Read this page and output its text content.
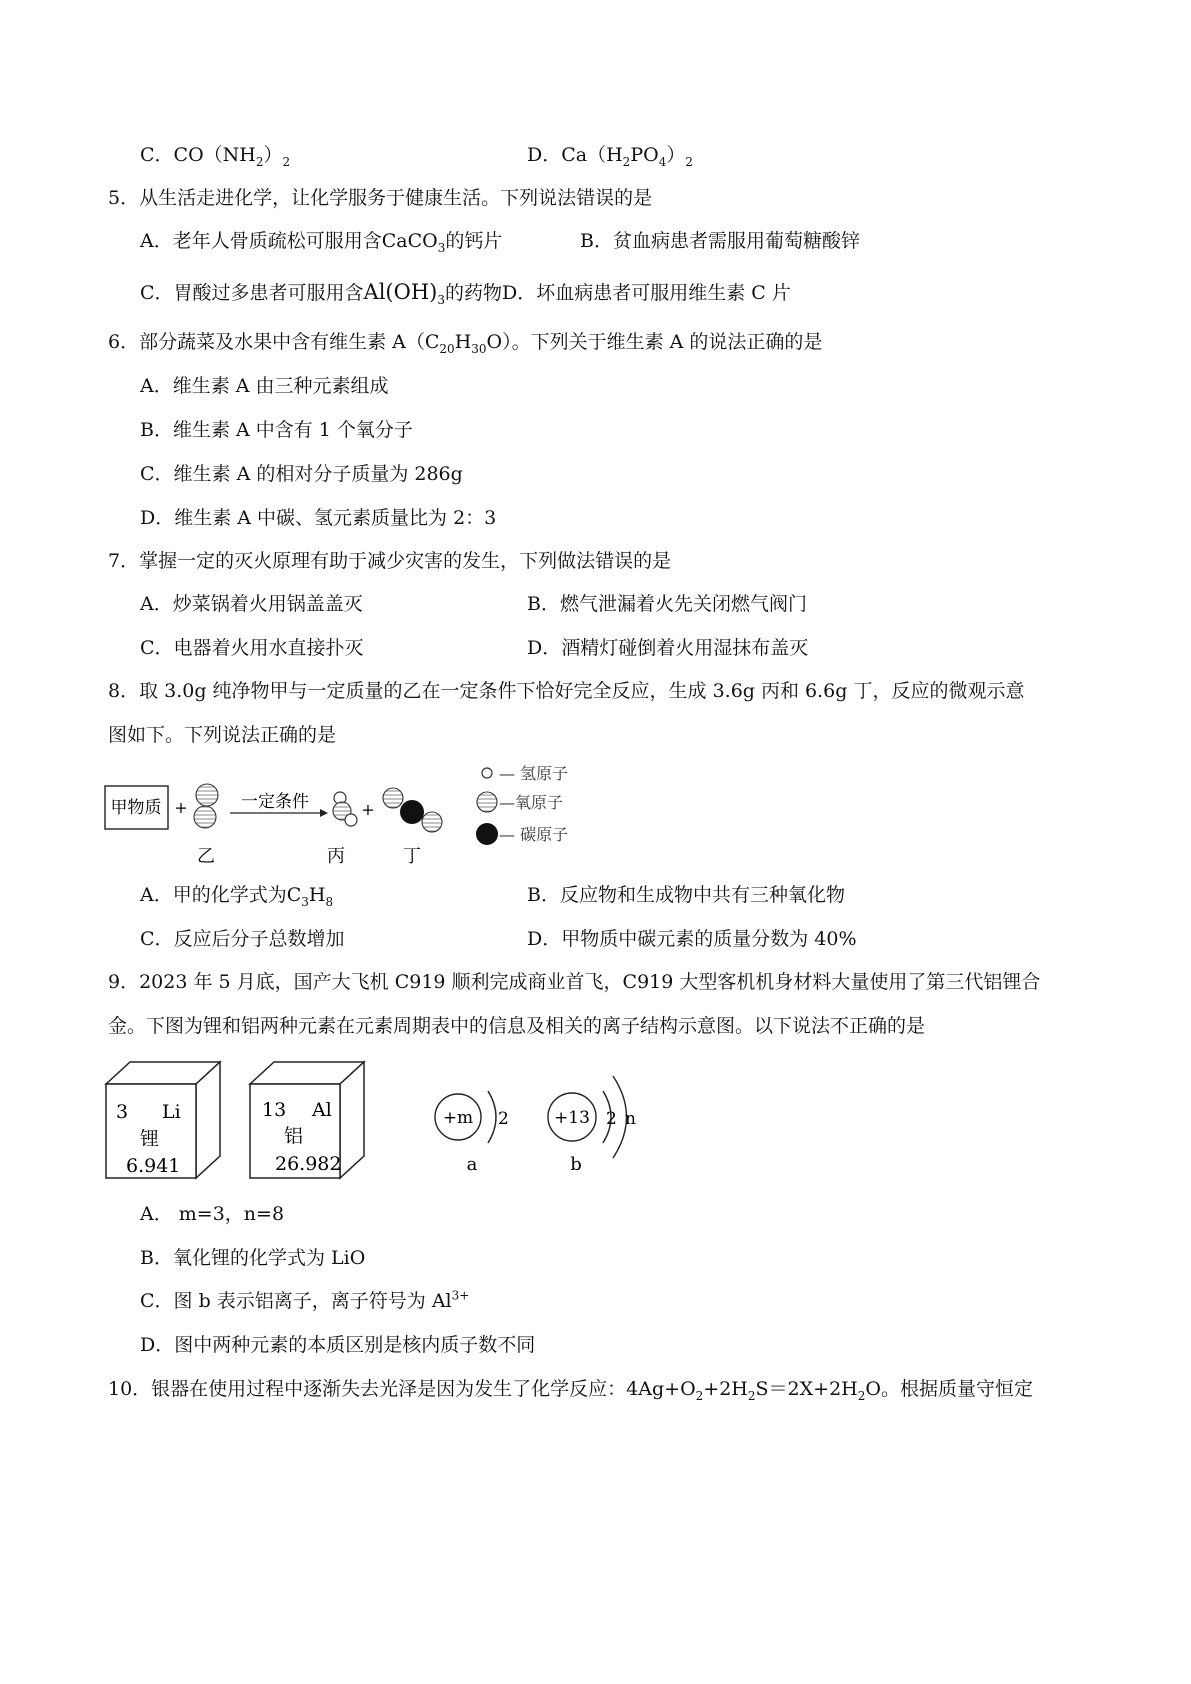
C．$CO(NH_2)_2$	D．$Ca(H_2PO_4)_2$
5．从生活走进化学，让化学服务于健康生活。下列说法错误的是
A．老年人骨质疏松可服用含CaCO$_3$的钙片	B．贫血病患者需服用葡萄糖酸锌
C．胃酸过多患者可服用含$Al(OH)_3$的药物D．坏血病患者可服用维生素 C 片
6．部分蔬菜及水果中含有维生素 $A(C_{20}H_{30}O)$。下列关于维生素 A 的说法正确的是
A．维生素 A 由三种元素组成
B．维生素 A 中含有 1 个氧分子
C．维生素 A 的相对分子质量为 286g
D．维生素 A 中碳、氢元素质量比为 2：3
7．掌握一定的灭火原理有助于减少灾害的发生，下列做法错误的是
A．炒菜锅着火用锅盖盖灭	B．燃气泄漏着火先关闭燃气阀门
C．电器着火用水直接扑灭	D．酒精灯碰倒着火用湿抹布盖灭
8．取 3.0g 纯净物甲与一定质量的乙在一定条件下恰好完全反应，生成 3.6g 丙和 6.6g 丁，反应的微观示意
图如下。下列说法正确的是
甲物质 +	一定条件	+
乙	丙	丁
— 氢原子
—氧原子
— 碳原子
A．甲的化学式为$C_3H_8$	B．反应物和生成物中共有三种氧化物
C．反应后分子总数增加	D．甲物质中碳元素的质量分数为 40%
9．2023 年 5 月底，国产大飞机 C919 顺利完成商业首飞，C919 大型客机机身材料大量使用了第三代铝锂合
金。下图为锂和铝两种元素在元素周期表中的信息及相关的离子结构示意图。以下说法不正确的是
3 Li
锂
6.941
13 Al
铝
26.982
+m 2
a
+13 2 n
b
A． m=3，n=8
B．氧化锂的化学式为 LiO
C．图 b 表示铝离子，离子符号为 $Al^{3+}$
D．图中两种元素的本质区别是核内质子数不同
10．银器在使用过程中逐渐失去光泽是因为发生了化学反应：$4Ag+O_2+2H_2S=2X+2H_2O$。根据质量守恒定
